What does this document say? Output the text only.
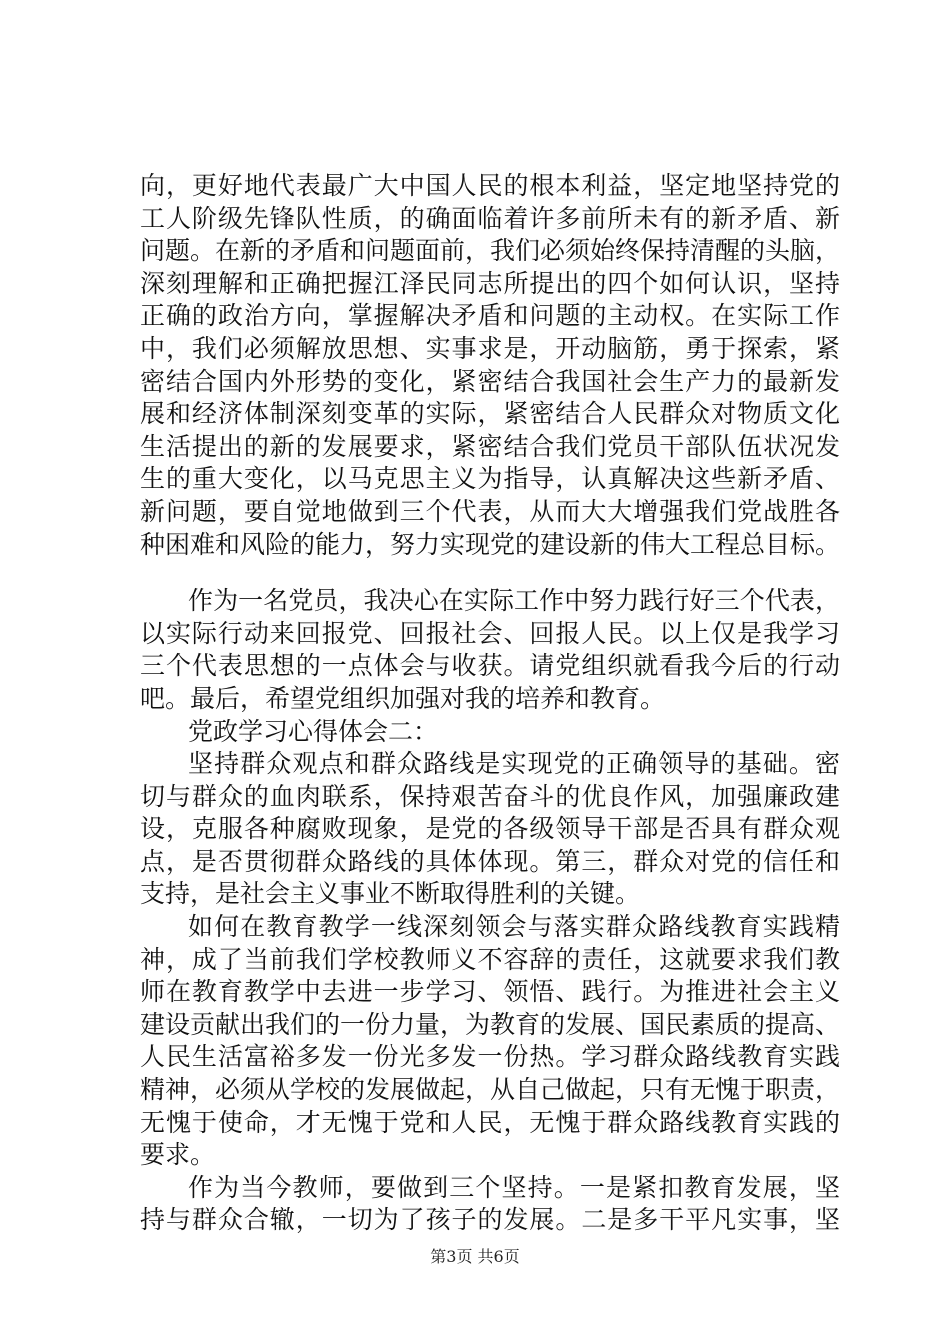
向，更好地代表最广大中国人民的根本利益，坚定地坚持党的
工人阶级先锋队性质，的确面临着许多前所未有的新矛盾、新
问题。在新的矛盾和问题面前，我们必须始终保持清醒的头脑，
深刻理解和正确把握江泽民同志所提出的四个如何认识，坚持
正确的政治方向，掌握解决矛盾和问题的主动权。在实际工作
中，我们必须解放思想、实事求是，开动脑筋，勇于探索，紧
密结合国内外形势的变化，紧密结合我国社会生产力的最新发
展和经济体制深刻变革的实际，紧密结合人民群众对物质文化
生活提出的新的发展要求，紧密结合我们党员干部队伍状况发
生的重大变化，以马克思主义为指导，认真解决这些新矛盾、
新问题，要自觉地做到三个代表，从而大大增强我们党战胜各
种困难和风险的能力，努力实现党的建设新的伟大工程总目标。
作为一名党员，我决心在实际工作中努力践行好三个代表，
以实际行动来回报党、回报社会、回报人民。以上仅是我学习
三个代表思想的一点体会与收获。请党组织就看我今后的行动
吧。最后，希望党组织加强对我的培养和教育。
党政学习心得体会二：
坚持群众观点和群众路线是实现党的正确领导的基础。密
切与群众的血肉联系，保持艰苦奋斗的优良作风，加强廉政建
设，克服各种腐败现象，是党的各级领导干部是否具有群众观
点，是否贯彻群众路线的具体体现。第三，群众对党的信任和
支持，是社会主义事业不断取得胜利的关键。
如何在教育教学一线深刻领会与落实群众路线教育实践精
神，成了当前我们学校教师义不容辞的责任，这就要求我们教
师在教育教学中去进一步学习、领悟、践行。为推进社会主义
建设贡献出我们的一份力量，为教育的发展、国民素质的提高、
人民生活富裕多发一份光多发一份热。学习群众路线教育实践
精神，必须从学校的发展做起，从自己做起，只有无愧于职责，
无愧于使命，才无愧于党和人民，无愧于群众路线教育实践的
要求。
作为当今教师，要做到三个坚持。一是紧扣教育发展，坚
持与群众合辙，一切为了孩子的发展。二是多干平凡实事，坚
第3页 共6页
